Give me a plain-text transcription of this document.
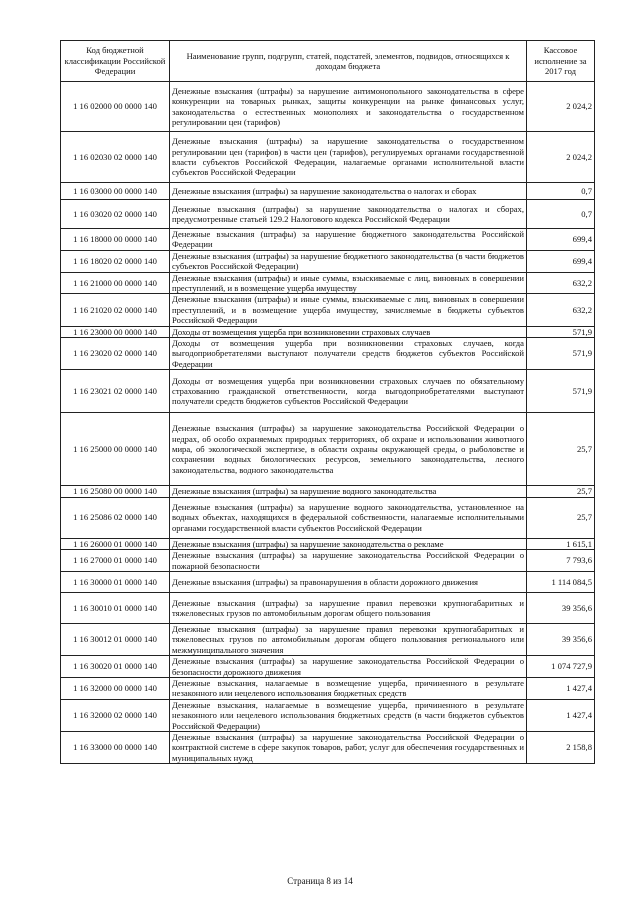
Код бюджетной классификации Российской Федерации	Наименование групп, подгрупп, статей, подстатей, элементов, подвидов, относящихся к доходам бюджета	Кассовое исполнение за 2017 год
1 16 02000 00 0000 140	Денежные взыскания (штрафы) за нарушение антимонопольного законодательства в сфере конкуренции на товарных рынках, защиты конкуренции на рынке финансовых услуг, законодательства о естественных монополиях и законодательства о государственном регулировании цен (тарифов)	2 024,2
1 16 02030 02 0000 140	Денежные взыскания (штрафы) за нарушение законодательства о государственном регулировании цен (тарифов) в части цен (тарифов), регулируемых органами государственной власти субъектов Российской Федерации, налагаемые органами исполнительной власти субъектов Российской Федерации	2 024,2
1 16 03000 00 0000 140	Денежные взыскания (штрафы) за нарушение законодательства о налогах и сборах	0,7
1 16 03020 02 0000 140	Денежные взыскания (штрафы) за нарушение законодательства о налогах и сборах, предусмотренные статьей 129.2 Налогового кодекса Российской Федерации	0,7
1 16 18000 00 0000 140	Денежные взыскания (штрафы) за нарушение бюджетного законодательства Российской Федерации	699,4
1 16 18020 02 0000 140	Денежные взыскания (штрафы) за нарушение бюджетного законодательства (в части бюджетов субъектов Российской Федерации)	699,4
1 16 21000 00 0000 140	Денежные взыскания (штрафы) и иные суммы, взыскиваемые с лиц, виновных в совершении преступлений, и в возмещение ущерба имуществу	632,2
1 16 21020 02 0000 140	Денежные взыскания (штрафы) и иные суммы, взыскиваемые с лиц, виновных в совершении преступлений, и в возмещение ущерба имуществу, зачисляемые в бюджеты субъектов Российской Федерации	632,2
1 16 23000 00 0000 140	Доходы от возмещения ущерба при возникновении страховых случаев	571,9
1 16 23020 02 0000 140	Доходы от возмещения ущерба при возникновении страховых случаев, когда выгодоприобретателями выступают получатели средств бюджетов субъектов Российской Федерации	571,9
1 16 23021 02 0000 140	Доходы от возмещения ущерба при возникновении страховых случаев по обязательному страхованию гражданской ответственности, когда выгодоприобретателями выступают получатели средств бюджетов субъектов Российской Федерации	571,9
1 16 25000 00 0000 140	Денежные взыскания (штрафы) за нарушение законодательства Российской Федерации о недрах, об особо охраняемых природных территориях, об охране и использовании животного мира, об экологической экспертизе, в области охраны окружающей среды, о рыболовстве и сохранении водных биологических ресурсов, земельного законодательства, лесного законодательства, водного законодательства	25,7
1 16 25080 00 0000 140	Денежные взыскания (штрафы) за нарушение водного законодательства	25,7
1 16 25086 02 0000 140	Денежные взыскания (штрафы) за нарушение водного законодательства, установленное на водных объектах, находящихся в федеральной собственности, налагаемые исполнительными органами государственной власти субъектов Российской Федерации	25,7
1 16 26000 01 0000 140	Денежные взыскания (штрафы) за нарушение законодательства о рекламе	1 615,1
1 16 27000 01 0000 140	Денежные взыскания (штрафы) за нарушение законодательства Российской Федерации о пожарной безопасности	7 793,6
1 16 30000 01 0000 140	Денежные взыскания (штрафы) за правонарушения в области дорожного движения	1 114 084,5
1 16 30010 01 0000 140	Денежные взыскания (штрафы) за нарушение правил перевозки крупногабаритных и тяжеловесных грузов по автомобильным дорогам общего пользования	39 356,6
1 16 30012 01 0000 140	Денежные взыскания (штрафы) за нарушение правил перевозки крупногабаритных и тяжеловесных грузов по автомобильным дорогам общего пользования регионального или межмуниципального значения	39 356,6
1 16 30020 01 0000 140	Денежные взыскания (штрафы) за нарушение законодательства Российской Федерации о безопасности дорожного движения	1 074 727,9
1 16 32000 00 0000 140	Денежные взыскания, налагаемые в возмещение ущерба, причиненного в результате незаконного или нецелевого использования бюджетных средств	1 427,4
1 16 32000 02 0000 140	Денежные взыскания, налагаемые в возмещение ущерба, причиненного в результате незаконного или нецелевого использования бюджетных средств (в части бюджетов субъектов Российской Федерации)	1 427,4
1 16 33000 00 0000 140	Денежные взыскания (штрафы) за нарушение законодательства Российской Федерации о контрактной системе в сфере закупок товаров, работ, услуг для обеспечения государственных и муниципальных нужд	2 158,8
Страница 8 из 14
